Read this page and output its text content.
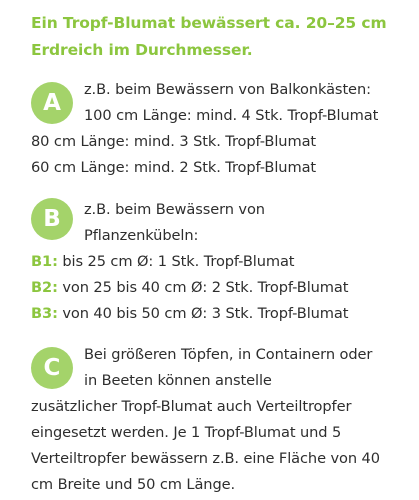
Ein Tropf-Blumat bewässert ca. 20–25 cm
Erdreich im Durchmesser.
A
z.B. beim Bewässern von Balkonkästen:
100 cm Länge: mind. 4 Stk. Tropf-Blumat
80 cm Länge: mind. 3 Stk. Tropf-Blumat
60 cm Länge: mind. 2 Stk. Tropf-Blumat
B	z.B. beim Bewässern von
Pflanzenkübeln:
B1: bis 25 cm Ø: 1 Stk. Tropf-Blumat
B2: von 25 bis 40 cm Ø: 2 Stk. Tropf-Blumat
B3: von 40 bis 50 cm Ø: 3 Stk. Tropf-Blumat
C
Bei größeren Töpfen, in Containern oder
in Beeten können anstelle
zusätzlicher Tropf-Blumat auch Verteiltropfer
eingesetzt werden. Je 1 Tropf-Blumat und 5
Verteiltropfer bewässern z.B. eine Fläche von 40
cm Breite und 50 cm Länge.
